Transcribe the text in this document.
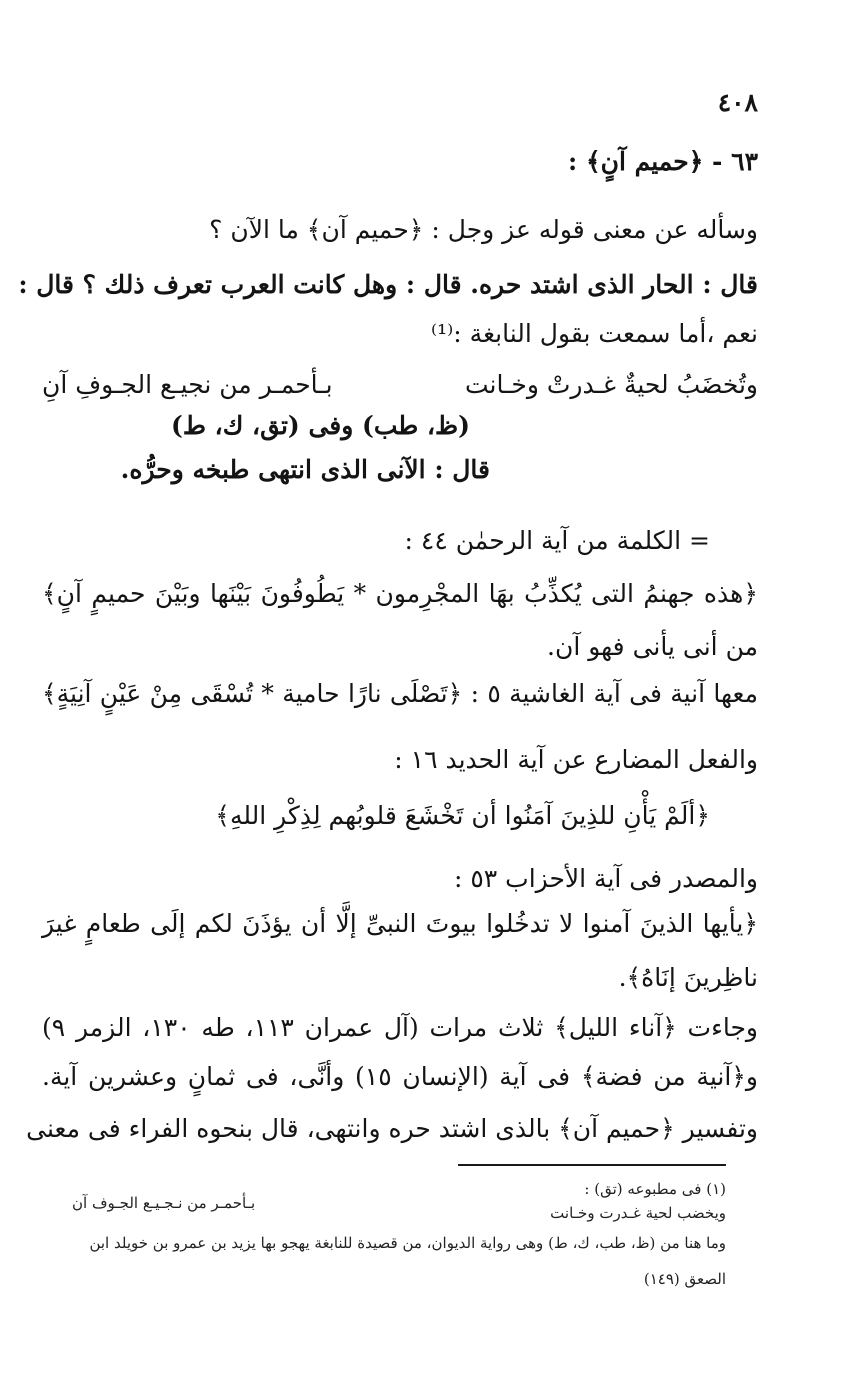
٤٠٨
٦٣ - ﴿حميم آنٍ﴾ :
وسأله عن معنى قوله عز وجل : ﴿حميم آن﴾ ما الآن ؟
قال : الحار الذى اشتد حره. قال : وهل كانت العرب تعرف ذلك ؟ قال :
نعم ،أما سمعت بقول النابغة :⁽¹⁾
وتُخضَبُ لحيةٌ غـدرتْ وخـانت
بـأحمـر من نجيـع الجـوفِ آنِ
(ظ، طب) وفى (تق، ك، ط)
قال : الآنى الذى انتهى طبخه وحرُّه.
= الكلمة من آية الرحمٰن ٤٤ :
﴿هذه جهنمُ التى يُكذِّبُ بهَا المجْرِمون * يَطُوفُونَ بَيْنَها وبَيْنَ حميمٍ آنٍ﴾
من أنى يأنى فهو آن.
معها آنية فى آية الغاشية ٥ : ﴿تَصْلَى نارًا حامية * تُسْقَى مِنْ عَيْنٍ آنِيَةٍ﴾
والفعل المضارع عن آية الحديد ١٦ :
﴿ألَمْ يَأْنِ للذِينَ آمَنُوا أن تَخْشَعَ قلوبُهم لِذِكْرِ اللهِ﴾
والمصدر فى آية الأحزاب ٥٣ :
﴿يأيها الذينَ آمنوا لا تدخُلوا بيوتَ النبىِّ إلَّا أن يؤذَنَ لكم إلَى طعامٍ غيرَ
ناظِرينَ إنَاهُ﴾.
وجاءت ﴿آناء الليل﴾ ثلاث مرات (آل عمران ١١٣، طه ١٣٠، الزمر ٩)
و﴿آنية من فضة﴾ فى آية (الإنسان ١٥) وأنَّى، فى ثمانٍ وعشرين آية.
وتفسير ﴿حميم آن﴾ بالذى اشتد حره وانتهى، قال بنحوه الفراء فى معنى
(١) فى مطبوعه (تق) :
ويخضب لحية غـدرت وخـانت
بـأحمـر من نـجـيـع الجـوف آن
وما هنا من (ظ، طب، ك، ط) وهى رواية الديوان، من قصيدة للنابغة يهجو بها يزيد بن عمرو بن خويلد ابن
الصعق (١٤٩)
